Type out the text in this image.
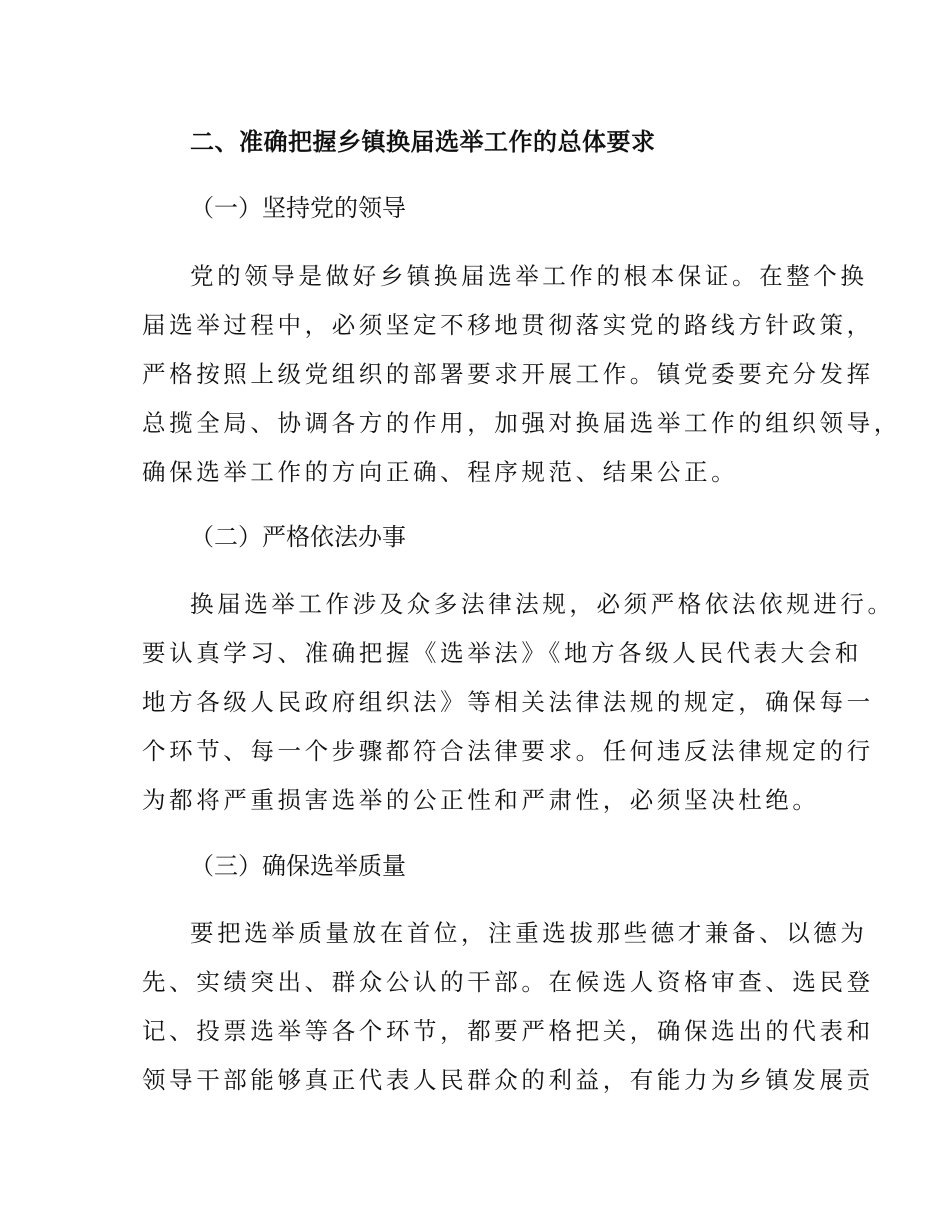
二、准确把握乡镇换届选举工作的总体要求
（一）坚持党的领导
党的领导是做好乡镇换届选举工作的根本保证。在整个换
届选举过程中，必须坚定不移地贯彻落实党的路线方针政策，
严格按照上级党组织的部署要求开展工作。镇党委要充分发挥
总揽全局、协调各方的作用，加强对换届选举工作的组织领导，
确保选举工作的方向正确、程序规范、结果公正。
（二）严格依法办事
换届选举工作涉及众多法律法规，必须严格依法依规进行。
要认真学习、准确把握《选举法》《地方各级人民代表大会和
地方各级人民政府组织法》等相关法律法规的规定，确保每一
个环节、每一个步骤都符合法律要求。任何违反法律规定的行
为都将严重损害选举的公正性和严肃性，必须坚决杜绝。
（三）确保选举质量
要把选举质量放在首位，注重选拔那些德才兼备、以德为
先、实绩突出、群众公认的干部。在候选人资格审查、选民登
记、投票选举等各个环节，都要严格把关，确保选出的代表和
领导干部能够真正代表人民群众的利益，有能力为乡镇发展贡
